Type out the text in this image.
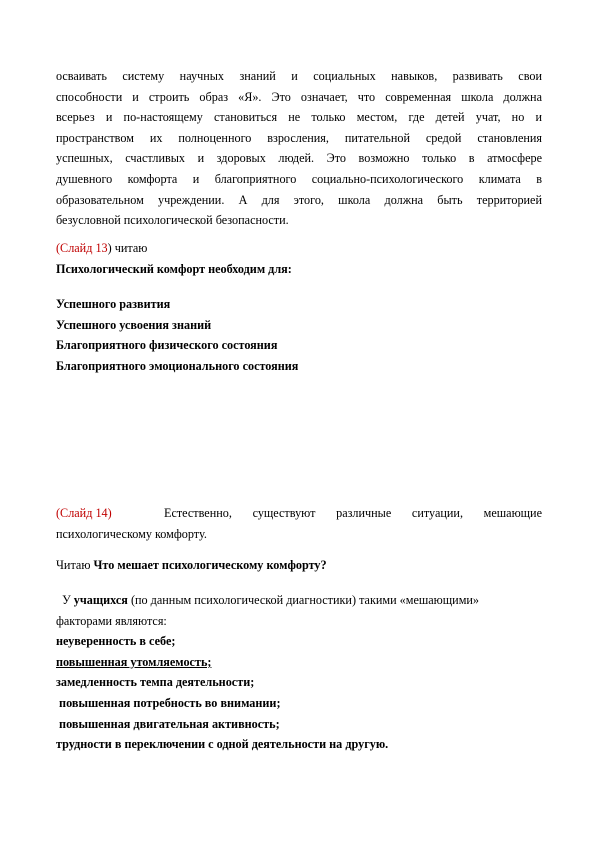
осваивать систему научных знаний и социальных навыков, развивать свои
способности и строить образ «Я». Это означает, что современная школа должна
всерьез и по-настоящему становиться не только местом, где детей учат, но и
пространством их полноценного взросления, питательной средой становления
успешных, счастливых и здоровых людей. Это возможно только в атмосфере
душевного комфорта и благоприятного социально-психологического климата в
образовательном учреждении. А для этого, школа должна быть территорией
безусловной психологической безопасности.
(Слайд 13) читаю
Психологический комфорт необходим для:
Успешного развития
Успешного усвоения знаний
Благоприятного физического состояния
Благоприятного эмоционального состояния
(Слайд 14)	Естественно, существуют различные ситуации, мешающие
психологическому комфорту.
Читаю Что мешает психологическому комфорту?
У учащихся (по данным психологической диагностики) такими «мешающими»
факторами являются:
неуверенность в себе;
повышенная утомляемость;
замедленность темпа деятельности;
повышенная потребность во внимании;
повышенная двигательная активность;
трудности в переключении с одной деятельности на другую.
